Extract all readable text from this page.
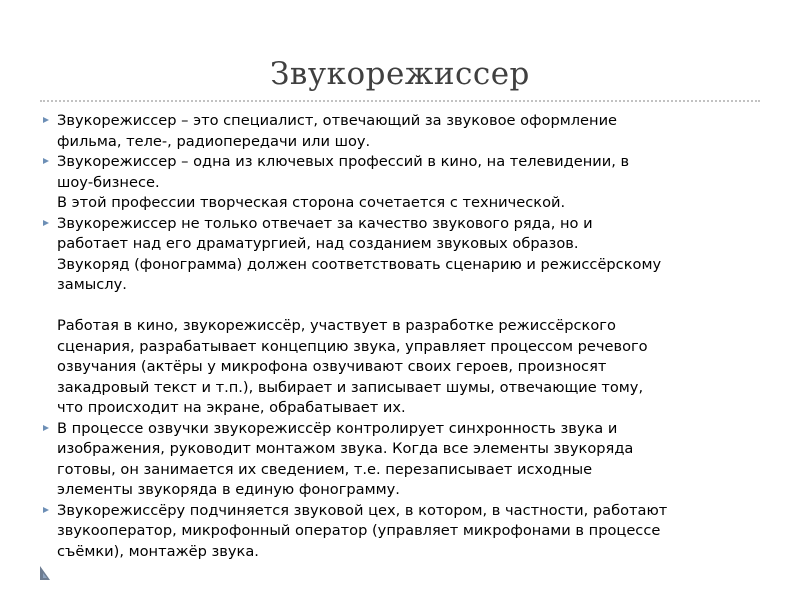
Звукорежиссер
Звукорежиссер – это специалист, отвечающий за звуковое оформление
фильма, теле-, радиопередачи или шоу.
Звукорежиссер – одна из ключевых профессий в кино, на телевидении, в
шоу-бизнесе.
В этой профессии творческая сторона сочетается с технической.
Звукорежиссер не только отвечает за качество звукового ряда, но и
работает над его драматургией, над созданием звуковых образов.
Звукоряд (фонограмма) должен соответствовать сценарию и режиссёрскому
замыслу.
Работая в кино, звукорежиссёр, участвует в разработке режиссёрского
сценария, разрабатывает концепцию звука, управляет процессом речевого
озвучания (актёры у микрофона озвучивают своих героев, произносят
закадровый текст и т.п.), выбирает и записывает шумы, отвечающие тому,
что происходит на экране, обрабатывает их.
В процессе озвучки звукорежиссёр контролирует синхронность звука и
изображения, руководит монтажом звука. Когда все элементы звукоряда
готовы, он занимается их сведением, т.е. перезаписывает исходные
элементы звукоряда в единую фонограмму.
Звукорежиссёру подчиняется звуковой цех, в котором, в частности, работают
звукооператор, микрофонный оператор (управляет микрофонами в процессе
съёмки), монтажёр звука.
